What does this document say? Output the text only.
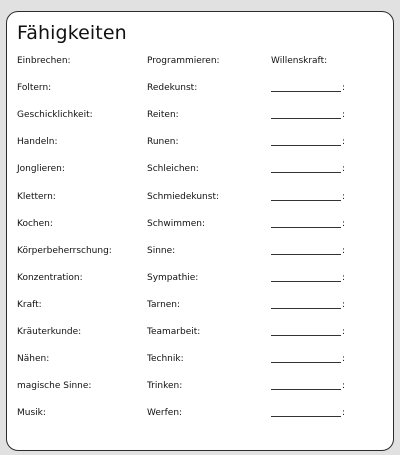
Fähigkeiten
Einbrechen:
Foltern:
Geschicklichkeit:
Handeln:
Jonglieren:
Klettern:
Kochen:
Körperbeherrschung:
Konzentration:
Kraft:
Kräuterkunde:
Nähen:
magische Sinne:
Musik:
Programmieren:
Redekunst:
Reiten:
Runen:
Schleichen:
Schmiedekunst:
Schwimmen:
Sinne:
Sympathie:
Tarnen:
Teamarbeit:
Technik:
Trinken:
Werfen:
Willenskraft:
:
:
:
:
:
:
:
:
:
:
:
:
:
